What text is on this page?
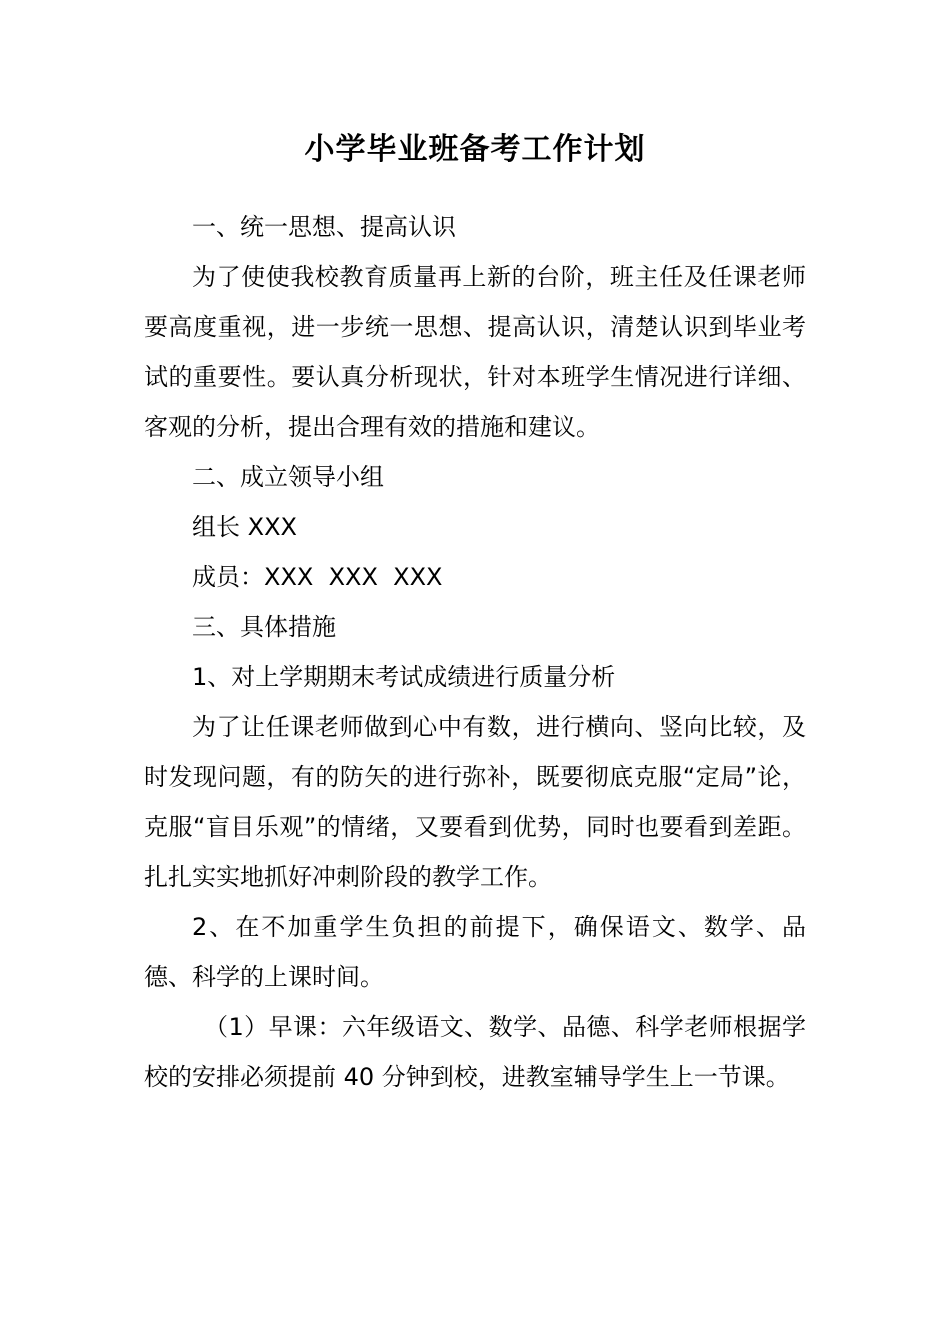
小学毕业班备考工作计划

一、统一思想、提高认识

为了使使我校教育质量再上新的台阶，班主任及任课老师要高度重视，进一步统一思想、提高认识，清楚认识到毕业考试的重要性。要认真分析现状，针对本班学生情况进行详细、客观的分析，提出合理有效的措施和建议。

二、成立领导小组

组长 XXX

成员：XXX  XXX  XXX

三、具体措施

1、对上学期期末考试成绩进行质量分析

为了让任课老师做到心中有数，进行横向、竖向比较，及时发现问题，有的防矢的进行弥补，既要彻底克服“定局”论，克服“盲目乐观”的情绪，又要看到优势，同时也要看到差距。扎扎实实地抓好冲刺阶段的教学工作。

2、在不加重学生负担的前提下，确保语文、数学、品德、科学的上课时间。

（1）早课：六年级语文、数学、品德、科学老师根据学校的安排必须提前 40 分钟到校，进教室辅导学生上一节课。
